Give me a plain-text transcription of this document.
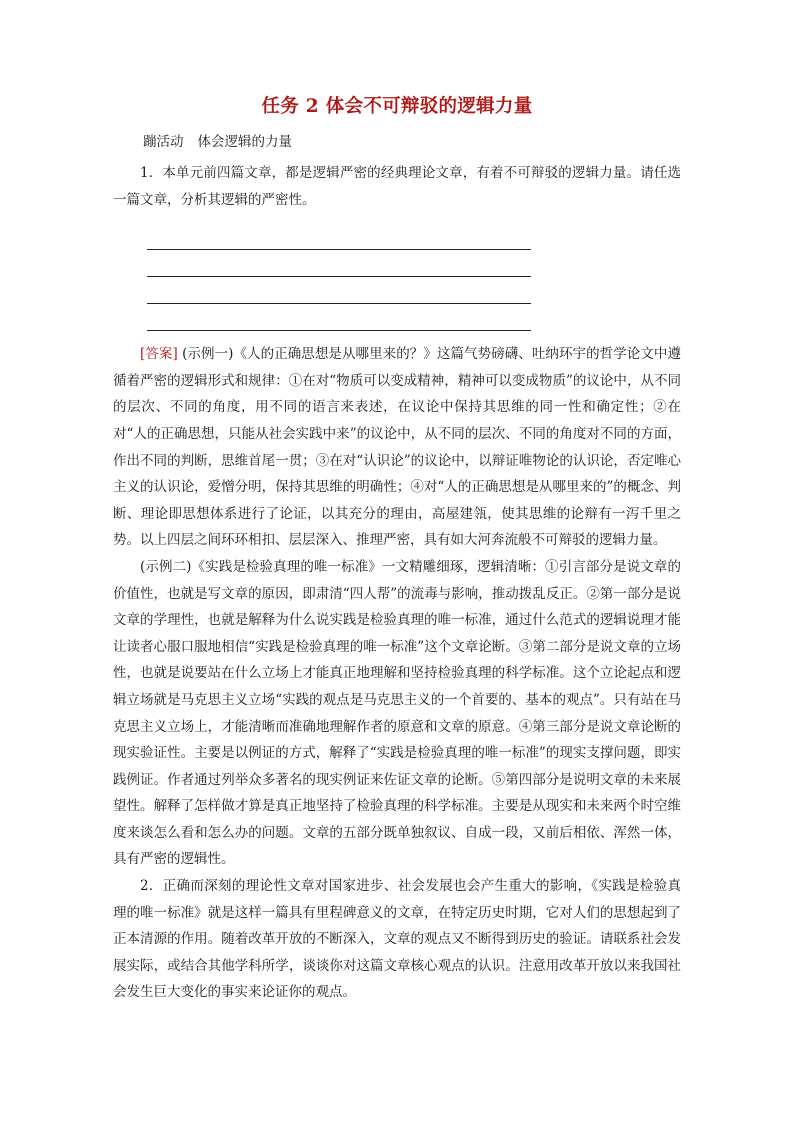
任务 2 体会不可辩驳的逻辑力量
蹦活动 体会逻辑的力量

1．本单元前四篇文章，都是逻辑严密的经典理论文章，有着不可辩驳的逻辑力量。请任选一篇文章，分析其逻辑的严密性。

[答案] (示例一)《人的正确思想是从哪里来的？》这篇气势磅礴、吐纳环宇的哲学论文中遵循着严密的逻辑形式和规律：①在对“物质可以变成精神，精神可以变成物质”的议论中，从不同的层次、不同的角度，用不同的语言来表述，在议论中保持其思维的同一性和确定性；②在对“人的正确思想，只能从社会实践中来”的议论中，从不同的层次、不同的角度对不同的方面，作出不同的判断，思维首尾一贯；③在对“认识论”的议论中，以辩证唯物论的认识论，否定唯心主义的认识论，爱憎分明，保持其思维的明确性；④对“人的正确思想是从哪里来的”的概念、判断、理论即思想体系进行了论证，以其充分的理由，高屋建瓴，使其思维的论辩有一泻千里之势。以上四层之间环环相扣、层层深入、推理严密，具有如大河奔流般不可辩驳的逻辑力量。

(示例二)《实践是检验真理的唯一标准》一文精雕细琢，逻辑清晰：①引言部分是说文章的价值性，也就是写文章的原因，即肃清“四人帮”的流毒与影响，推动拨乱反正。②第一部分是说文章的学理性，也就是解释为什么说实践是检验真理的唯一标准，通过什么范式的逻辑说理才能让读者心服口服地相信“实践是检验真理的唯一标准”这个文章论断。③第二部分是说文章的立场性，也就是说要站在什么立场上才能真正地理解和坚持检验真理的科学标准。这个立论起点和逻辑立场就是马克思主义立场“实践的观点是马克思主义的一个首要的、基本的观点”。只有站在马克思主义立场上，才能清晰而准确地理解作者的原意和文章的原意。④第三部分是说文章论断的现实验证性。主要是以例证的方式，解释了“实践是检验真理的唯一标准”的现实支撑问题，即实践例证。作者通过列举众多著名的现实例证来佐证文章的论断。⑤第四部分是说明文章的未来展望性。解释了怎样做才算是真正地坚持了检验真理的科学标准。主要是从现实和未来两个时空维度来谈怎么看和怎么办的问题。文章的五部分既单独叙议、自成一段，又前后相依、浑然一体，具有严密的逻辑性。

2．正确而深刻的理论性文章对国家进步、社会发展也会产生重大的影响，《实践是检验真理的唯一标准》就是这样一篇具有里程碑意义的文章，在特定历史时期，它对人们的思想起到了正本清源的作用。随着改革开放的不断深入，文章的观点又不断得到历史的验证。请联系社会发展实际，或结合其他学科所学，谈谈你对这篇文章核心观点的认识。注意用改革开放以来我国社会发生巨大变化的事实来论证你的观点。
